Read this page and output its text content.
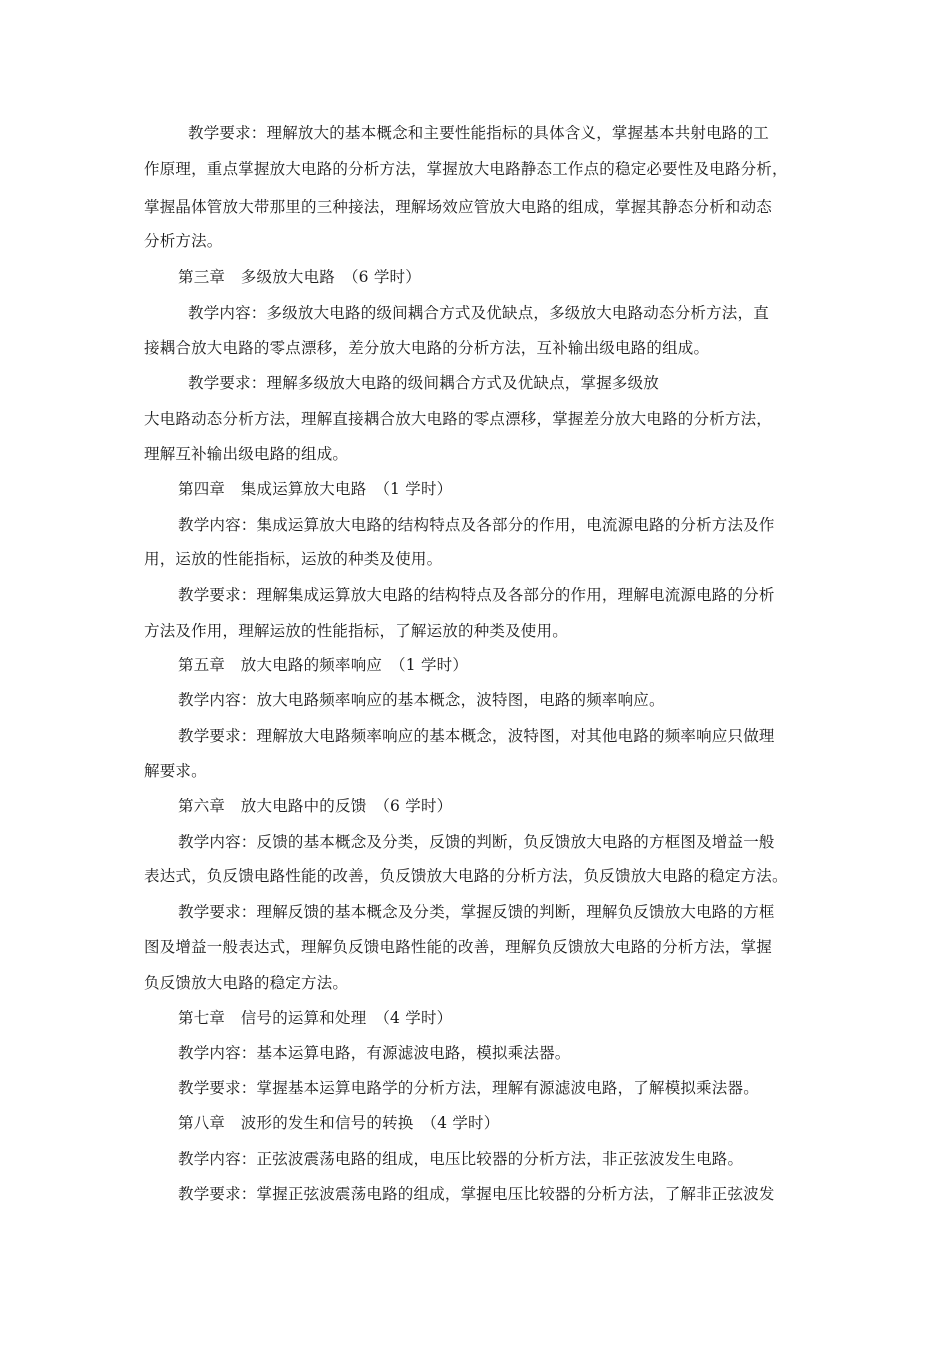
教学要求：理解放大的基本概念和主要性能指标的具体含义，掌握基本共射电路的工
作原理，重点掌握放大电路的分析方法，掌握放大电路静态工作点的稳定必要性及电路分析，
掌握晶体管放大带那里的三种接法，理解场效应管放大电路的组成，掌握其静态分析和动态
分析方法。
第三章　多级放大电路　（6 学时）
教学内容：多级放大电路的级间耦合方式及优缺点，多级放大电路动态分析方法，直
接耦合放大电路的零点漂移，差分放大电路的分析方法，互补输出级电路的组成。
教学要求：理解多级放大电路的级间耦合方式及优缺点，掌握多级放
大电路动态分析方法，理解直接耦合放大电路的零点漂移，掌握差分放大电路的分析方法，
理解互补输出级电路的组成。
第四章　集成运算放大电路　（1 学时）
教学内容：集成运算放大电路的结构特点及各部分的作用，电流源电路的分析方法及作
用，运放的性能指标，运放的种类及使用。
教学要求：理解集成运算放大电路的结构特点及各部分的作用，理解电流源电路的分析
方法及作用，理解运放的性能指标，了解运放的种类及使用。
第五章　放大电路的频率响应　（1 学时）
教学内容：放大电路频率响应的基本概念，波特图，电路的频率响应。
教学要求：理解放大电路频率响应的基本概念，波特图，对其他电路的频率响应只做理
解要求。
第六章　放大电路中的反馈　（6 学时）
教学内容：反馈的基本概念及分类，反馈的判断，负反馈放大电路的方框图及增益一般
表达式，负反馈电路性能的改善，负反馈放大电路的分析方法，负反馈放大电路的稳定方法。
教学要求：理解反馈的基本概念及分类，掌握反馈的判断，理解负反馈放大电路的方框
图及增益一般表达式，理解负反馈电路性能的改善，理解负反馈放大电路的分析方法，掌握
负反馈放大电路的稳定方法。
第七章　信号的运算和处理　（4 学时）
教学内容：基本运算电路，有源滤波电路，模拟乘法器。
教学要求：掌握基本运算电路学的分析方法，理解有源滤波电路，了解模拟乘法器。
第八章　波形的发生和信号的转换　（4 学时）
教学内容：正弦波震荡电路的组成，电压比较器的分析方法，非正弦波发生电路。
教学要求：掌握正弦波震荡电路的组成，掌握电压比较器的分析方法，了解非正弦波发
